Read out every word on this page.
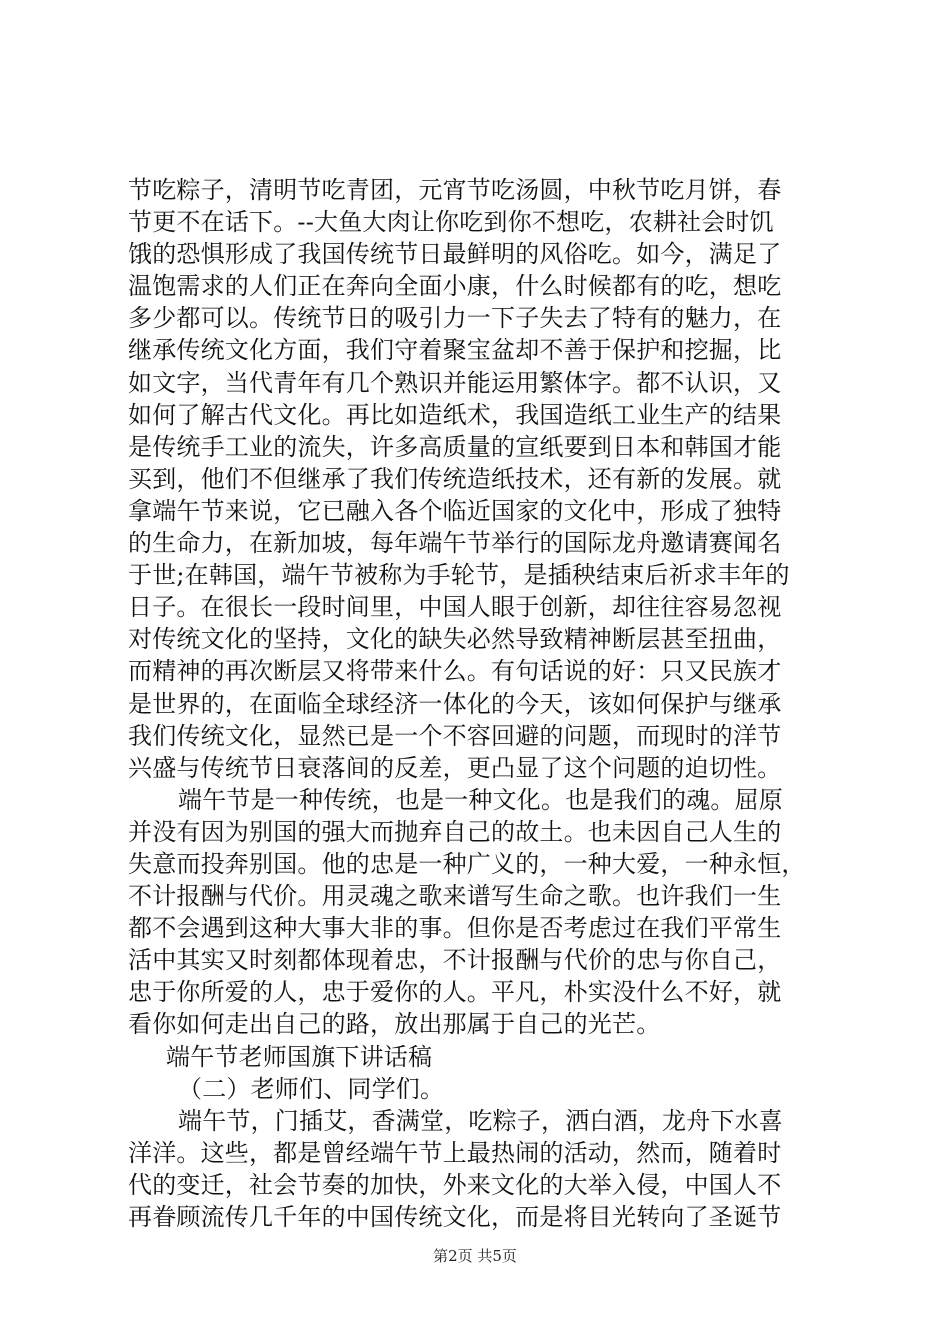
节吃粽子，清明节吃青团，元宵节吃汤圆，中秋节吃月饼，春
节更不在话下。--大鱼大肉让你吃到你不想吃，农耕社会时饥
饿的恐惧形成了我国传统节日最鲜明的风俗吃。如今，满足了
温饱需求的人们正在奔向全面小康，什么时候都有的吃，想吃
多少都可以。传统节日的吸引力一下子失去了特有的魅力，在
继承传统文化方面，我们守着聚宝盆却不善于保护和挖掘，比
如文字，当代青年有几个熟识并能运用繁体字。都不认识，又
如何了解古代文化。再比如造纸术，我国造纸工业生产的结果
是传统手工业的流失，许多高质量的宣纸要到日本和韩国才能
买到，他们不但继承了我们传统造纸技术，还有新的发展。就
拿端午节来说，它已融入各个临近国家的文化中，形成了独特
的生命力，在新加坡，每年端午节举行的国际龙舟邀请赛闻名
于世;在韩国，端午节被称为手轮节，是插秧结束后祈求丰年的
日子。在很长一段时间里，中国人眼于创新，却往往容易忽视
对传统文化的坚持，文化的缺失必然导致精神断层甚至扭曲，
而精神的再次断层又将带来什么。有句话说的好：只又民族才
是世界的，在面临全球经济一体化的今天，该如何保护与继承
我们传统文化，显然已是一个不容回避的问题，而现时的洋节
兴盛与传统节日衰落间的反差，更凸显了这个问题的迫切性。
端午节是一种传统，也是一种文化。也是我们的魂。屈原
并没有因为别国的强大而抛弃自己的故土。也未因自己人生的
失意而投奔别国。他的忠是一种广义的，一种大爱，一种永恒，
不计报酬与代价。用灵魂之歌来谱写生命之歌。也许我们一生
都不会遇到这种大事大非的事。但你是否考虑过在我们平常生
活中其实又时刻都体现着忠，不计报酬与代价的忠与你自己，
忠于你所爱的人，忠于爱你的人。平凡，朴实没什么不好，就
看你如何走出自己的路，放出那属于自己的光芒。
端午节老师国旗下讲话稿
（二）老师们、同学们。
端午节，门插艾，香满堂，吃粽子，洒白酒，龙舟下水喜
洋洋。这些，都是曾经端午节上最热闹的活动，然而，随着时
代的变迁，社会节奏的加快，外来文化的大举入侵，中国人不
再眷顾流传几千年的中国传统文化，而是将目光转向了圣诞节
第2页 共5页
